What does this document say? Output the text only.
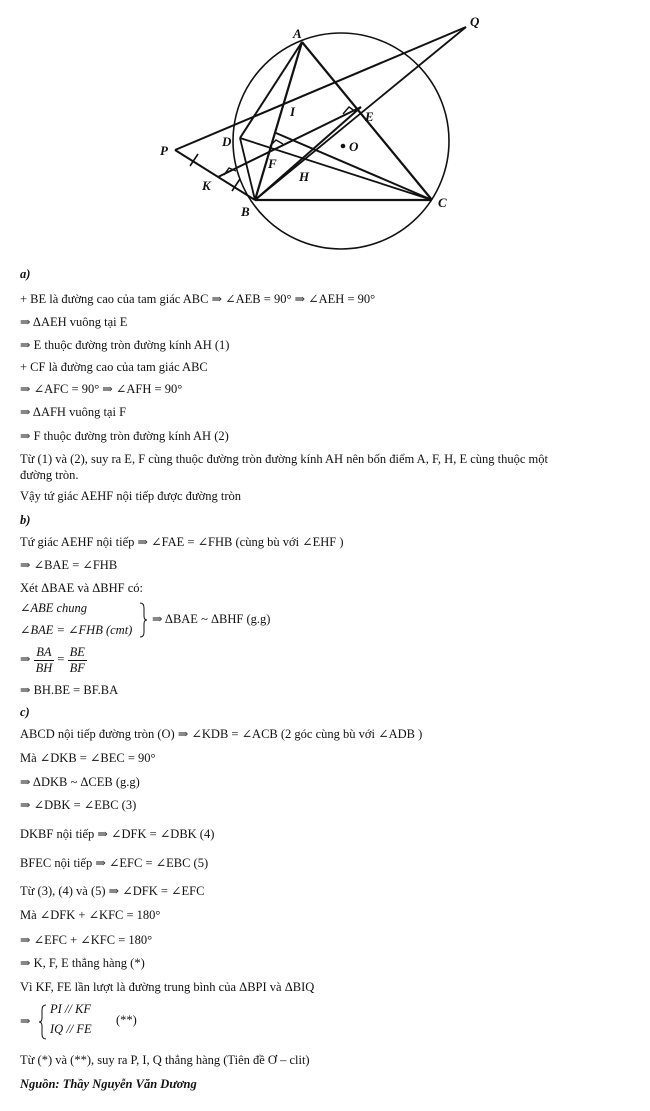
A
Q
I	E
D	O
P
F
H
K
B
C
a)
+ BE là đường cao của tam giác ABC ⇒ ∠AEB = 90° ⇒ ∠AEH = 90°
⇒ ΔAEH vuông tại E
⇒ E thuộc đường tròn đường kính AH (1)
+ CF là đường cao của tam giác ABC
⇒ ∠AFC = 90° ⇒ ∠AFH = 90°
⇒ ΔAFH vuông tại F
⇒ F thuộc đường tròn đường kính AH (2)
Từ (1) và (2), suy ra E, F cùng thuộc đường tròn đường kính AH nên bốn điểm A, F, H, E cùng thuộc một
đường tròn.
Vậy tứ giác AEHF nội tiếp được đường tròn
b)
Tứ giác AEHF nội tiếp ⇒ ∠FAE = ∠FHB (cùng bù với ∠EHF )
⇒ ∠BAE = ∠FHB
Xét ΔBAE và ΔBHF có:
∠ABE chung
∠BAE = ∠FHB (cmt)
⇒ ΔBAE ~ ΔBHF (g.g)
⇒ $\frac{BA}{BH} = \frac{BE}{BF}$
⇒ BH.BE = BF.BA
c)
ABCD nội tiếp đường tròn (O) ⇒ ∠KDB = ∠ACB (2 góc cùng bù với ∠ADB )
Mà ∠DKB = ∠BEC = 90°
⇒ ΔDKB ~ ΔCEB (g.g)
⇒ ∠DBK = ∠EBC (3)
DKBF nội tiếp ⇒ ∠DFK = ∠DBK (4)
BFEC nội tiếp ⇒ ∠EFC = ∠EBC (5)
Từ (3), (4) và (5) ⇒ ∠DFK = ∠EFC
Mà ∠DFK + ∠KFC = 180°
⇒ ∠EFC + ∠KFC = 180°
⇒ K, F, E thẳng hàng (*)
Vì KF, FE lần lượt là đường trung bình của ΔBPI và ΔBIQ
⇒
PI // KF
IQ // FE
(**)
Từ (*) và (**), suy ra P, I, Q thẳng hàng (Tiên đề Ơ – clit)
Nguồn: Thầy Nguyễn Văn Dương
